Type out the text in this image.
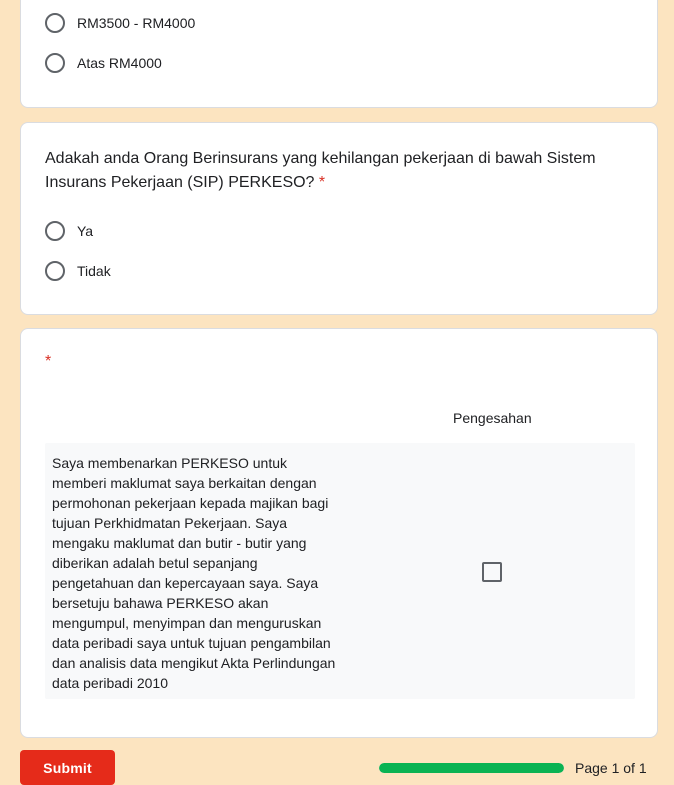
RM3500 - RM4000
Atas RM4000
Adakah anda Orang Berinsurans yang kehilangan pekerjaan di bawah Sistem Insurans Pekerjaan (SIP) PERKESO? *
Ya
Tidak
*
Pengesahan
Saya membenarkan PERKESO untuk memberi maklumat saya berkaitan dengan permohonan pekerjaan kepada majikan bagi tujuan Perkhidmatan Pekerjaan. Saya mengaku maklumat dan butir - butir yang diberikan adalah betul sepanjang pengetahuan dan kepercayaan saya. Saya bersetuju bahawa PERKESO akan mengumpul, menyimpan dan menguruskan data peribadi saya untuk tujuan pengambilan dan analisis data mengikut Akta Perlindungan data peribadi 2010
Submit	Page 1 of 1
